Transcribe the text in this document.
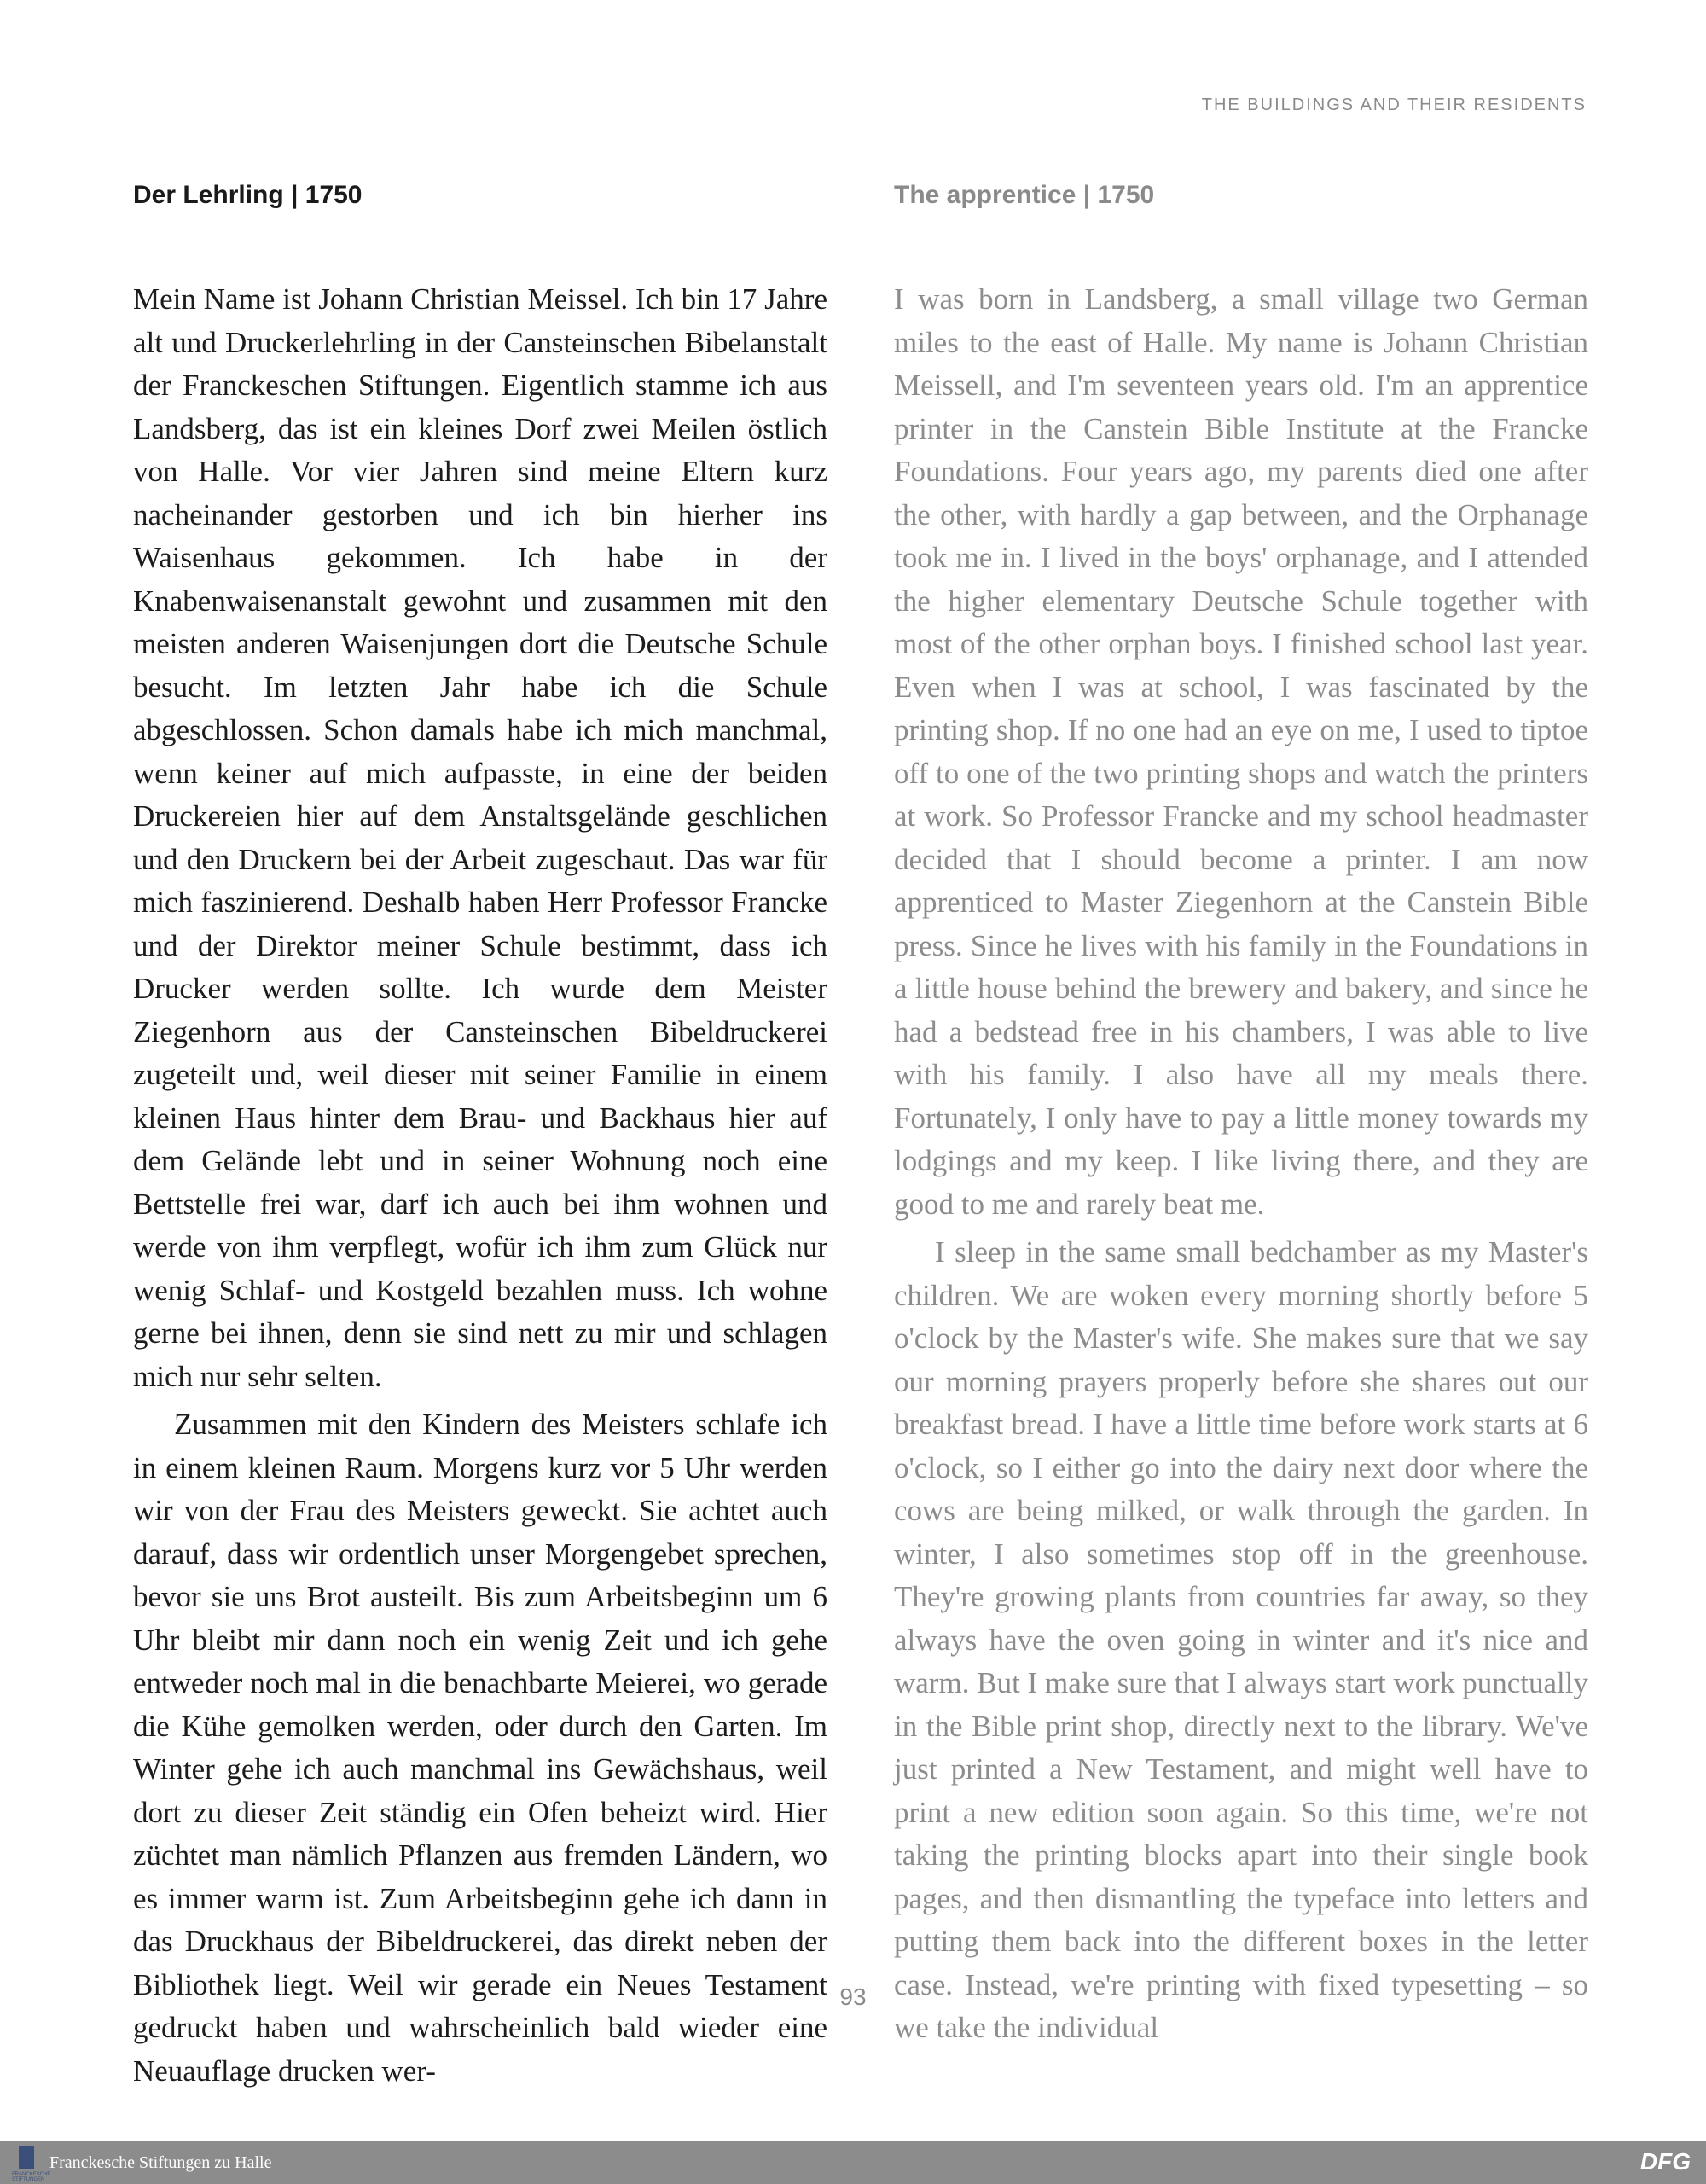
THE BUILDINGS AND THEIR RESIDENTS
Der Lehrling | 1750

Mein Name ist Johann Christian Meissel. Ich bin 17 Jahre alt und Druckerlehrling in der Cansteinschen Bibelanstalt der Franckeschen Stiftungen. Eigentlich stamme ich aus Landsberg, das ist ein kleines Dorf zwei Meilen östlich von Halle. Vor vier Jahren sind meine Eltern kurz nacheinander gestorben und ich bin hierher ins Waisenhaus gekommen. Ich habe in der Knabenwaisenanstalt gewohnt und zusammen mit den meisten anderen Waisenjungen dort die Deutsche Schule besucht. Im letzten Jahr habe ich die Schule abgeschlossen. Schon damals habe ich mich manchmal, wenn keiner auf mich aufpasste, in eine der beiden Druckereien hier auf dem Anstaltsgelände geschlichen und den Druckern bei der Arbeit zugeschaut. Das war für mich faszinierend. Deshalb haben Herr Professor Francke und der Direktor meiner Schule bestimmt, dass ich Drucker werden sollte. Ich wurde dem Meister Ziegenhorn aus der Cansteinschen Bibeldruckerei zugeteilt und, weil dieser mit seiner Familie in einem kleinen Haus hinter dem Brau- und Backhaus hier auf dem Gelände lebt und in seiner Wohnung noch eine Bettstelle frei war, darf ich auch bei ihm wohnen und werde von ihm verpflegt, wofür ich ihm zum Glück nur wenig Schlaf- und Kostgeld bezahlen muss. Ich wohne gerne bei ihnen, denn sie sind nett zu mir und schlagen mich nur sehr selten.

Zusammen mit den Kindern des Meisters schlafe ich in einem kleinen Raum. Morgens kurz vor 5 Uhr werden wir von der Frau des Meisters geweckt. Sie achtet auch darauf, dass wir ordentlich unser Morgengebet sprechen, bevor sie uns Brot austeilt. Bis zum Arbeitsbeginn um 6 Uhr bleibt mir dann noch ein wenig Zeit und ich gehe entweder noch mal in die benachbarte Meierei, wo gerade die Kühe gemolken werden, oder durch den Garten. Im Winter gehe ich auch manchmal ins Gewächshaus, weil dort zu dieser Zeit ständig ein Ofen beheizt wird. Hier züchtet man nämlich Pflanzen aus fremden Ländern, wo es immer warm ist. Zum Arbeitsbeginn gehe ich dann in das Druckhaus der Bibeldruckerei, das direkt neben der Bibliothek liegt. Weil wir gerade ein Neues Testament gedruckt haben und wahrscheinlich bald wieder eine Neuauflage drucken wer-

The apprentice | 1750

I was born in Landsberg, a small village two German miles to the east of Halle. My name is Johann Christian Meissell, and I'm seventeen years old. I'm an apprentice printer in the Canstein Bible Institute at the Francke Foundations. Four years ago, my parents died one after the other, with hardly a gap between, and the Orphanage took me in. I lived in the boys' orphanage, and I attended the higher elementary Deutsche Schule together with most of the other orphan boys. I finished school last year. Even when I was at school, I was fascinated by the printing shop. If no one had an eye on me, I used to tiptoe off to one of the two printing shops and watch the printers at work. So Professor Francke and my school headmaster decided that I should become a printer. I am now apprenticed to Master Ziegenhorn at the Canstein Bible press. Since he lives with his family in the Foundations in a little house behind the brewery and bakery, and since he had a bedstead free in his chambers, I was able to live with his family. I also have all my meals there. Fortunately, I only have to pay a little money towards my lodgings and my keep. I like living there, and they are good to me and rarely beat me.

I sleep in the same small bedchamber as my Master's children. We are woken every morning shortly before 5 o'clock by the Master's wife. She makes sure that we say our morning prayers properly before she shares out our breakfast bread. I have a little time before work starts at 6 o'clock, so I either go into the dairy next door where the cows are being milked, or walk through the garden. In winter, I also sometimes stop off in the greenhouse. They're growing plants from countries far away, so they always have the oven going in winter and it's nice and warm. But I make sure that I always start work punctually in the Bible print shop, directly next to the library. We've just printed a New Testament, and might well have to print a new edition soon again. So this time, we're not taking the printing blocks apart into their single book pages, and then dismantling the typeface into letters and putting them back into the different boxes in the letter case. Instead, we're printing with fixed typesetting – so we take the individual

93
FRANCKESCHE STIFTUNGEN
Franckesche Stiftungen zu Halle	DFG
